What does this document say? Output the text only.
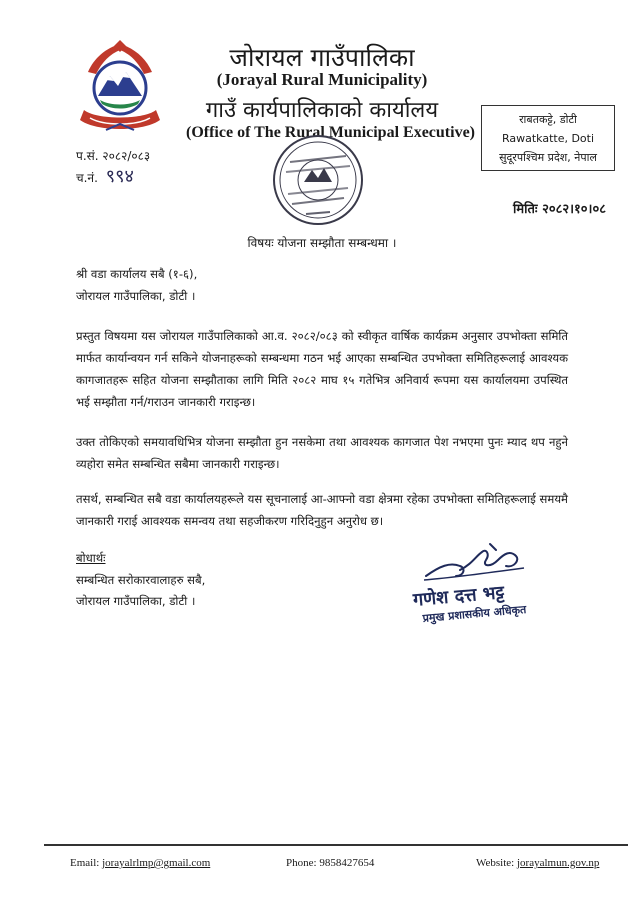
जोरायल गाउँपालिका
(Jorayal Rural Municipality)
गाउँ कार्यपालिकाको कार्यालय
(Office of The Rural Municipal Executive)
राबतकट्टे, डोटी
Rawatkatte, Doti
सुदूरपश्चिम प्रदेश, नेपाल
प.सं. २०८२/०८३
च.नं. ९९४
मितिः २०८२।१०।०८
विषयः योजना सम्झौता सम्बन्धमा ।
श्री वडा कार्यालय सबै (१-६),
जोरायल गाउँपालिका, डोटी ।
प्रस्तुत विषयमा यस जोरायल गाउँपालिकाको आ.व. २०८२/०८३ को स्वीकृत वार्षिक कार्यक्रम अनुसार उपभोक्ता समिति मार्फत कार्यान्वयन गर्न सकिने योजनाहरूको सम्बन्धमा गठन भई आएका सम्बन्धित उपभोक्ता समितिहरूलाई आवश्यक कागजातहरू सहित योजना सम्झौताका लागि मिति २०८२ माघ १५ गतेभित्र अनिवार्य रूपमा यस कार्यालयमा उपस्थित भई सम्झौता गर्न/गराउन जानकारी गराइन्छ।
उक्त तोकिएको समयावधिभित्र योजना सम्झौता हुन नसकेमा तथा आवश्यक कागजात पेश नभएमा पुनः म्याद थप नहुने व्यहोरा समेत सम्बन्धित सबैमा जानकारी गराइन्छ।
तसर्थ, सम्बन्धित सबै वडा कार्यालयहरूले यस सूचनालाई आ-आफ्नो वडा क्षेत्रमा रहेका उपभोक्ता समितिहरूलाई समयमै जानकारी गराई आवश्यक समन्वय तथा सहजीकरण गरिदिनुहुन अनुरोध छ।
बोधार्थः
सम्बन्धित सरोकारवालाहरु सबै,
जोरायल गाउँपालिका, डोटी ।	गणेश दत्त भट्ट
प्रमुख प्रशासकीय अधिकृत
Email: jorayalrlmp@gmail.com	Phone: 9858427654	Website: jorayalmun.gov.np
